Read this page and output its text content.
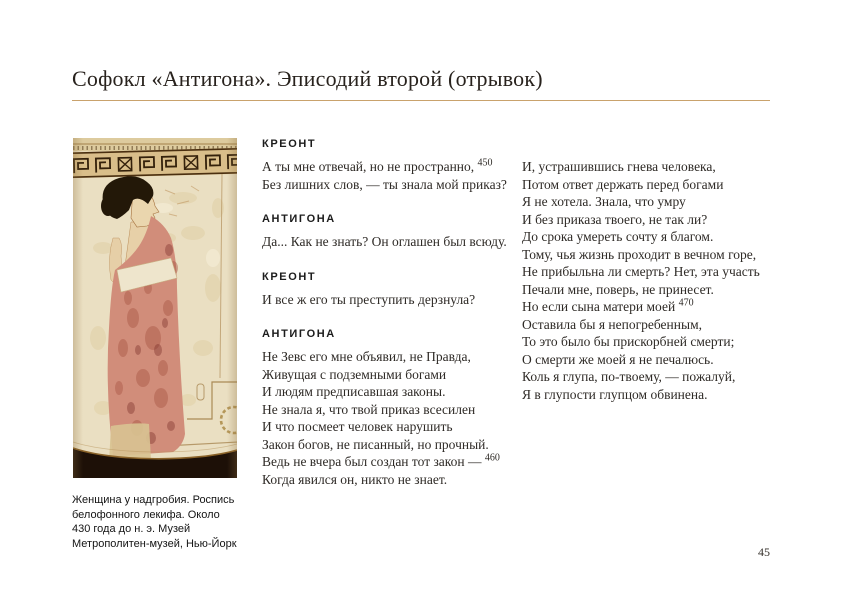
Софокл «Антигона». Эписодий второй (отрывок)
Женщина у надгробия. Роспись
белофонного лекифа. Около
430 года до н. э. Музей
Метрополитен-музей, Нью-Йорк
КРЕОНТ
А ты мне отвечай, но не пространно, $^{450}$
Без лишних слов, — ты знала мой приказ?
АНТИГОНА
Да... Как не знать? Он оглашен был всюду.
КРЕОНТ
И все ж его ты преступить дерзнула?
АНТИГОНА
Не Зевс его мне объявил, не Правда,
Живущая с подземными богами
И людям предписавшая законы.
Не знала я, что твой приказ всесилен
И что посмеет человек нарушить
Закон богов, не писанный, но прочный.
Ведь не вчера был создан тот закон — $^{460}$
Когда явился он, никто не знает.
И, устрашившись гнева человека,
Потом ответ держать перед богами
Я не хотела. Знала, что умру
И без приказа твоего, не так ли?
До срока умереть сочту я благом.
Тому, чья жизнь проходит в вечном горе,
Не прибыльна ли смерть? Нет, эта участь
Печали мне, поверь, не принесет.
Но если сына матери моей $^{470}$
Оставила бы я непогребенным,
То это было бы прискорбней смерти;
О смерти же моей я не печалюсь.
Коль я глупа, по-твоему, — пожалуй,
Я в глупости глупцом обвинена.
45
